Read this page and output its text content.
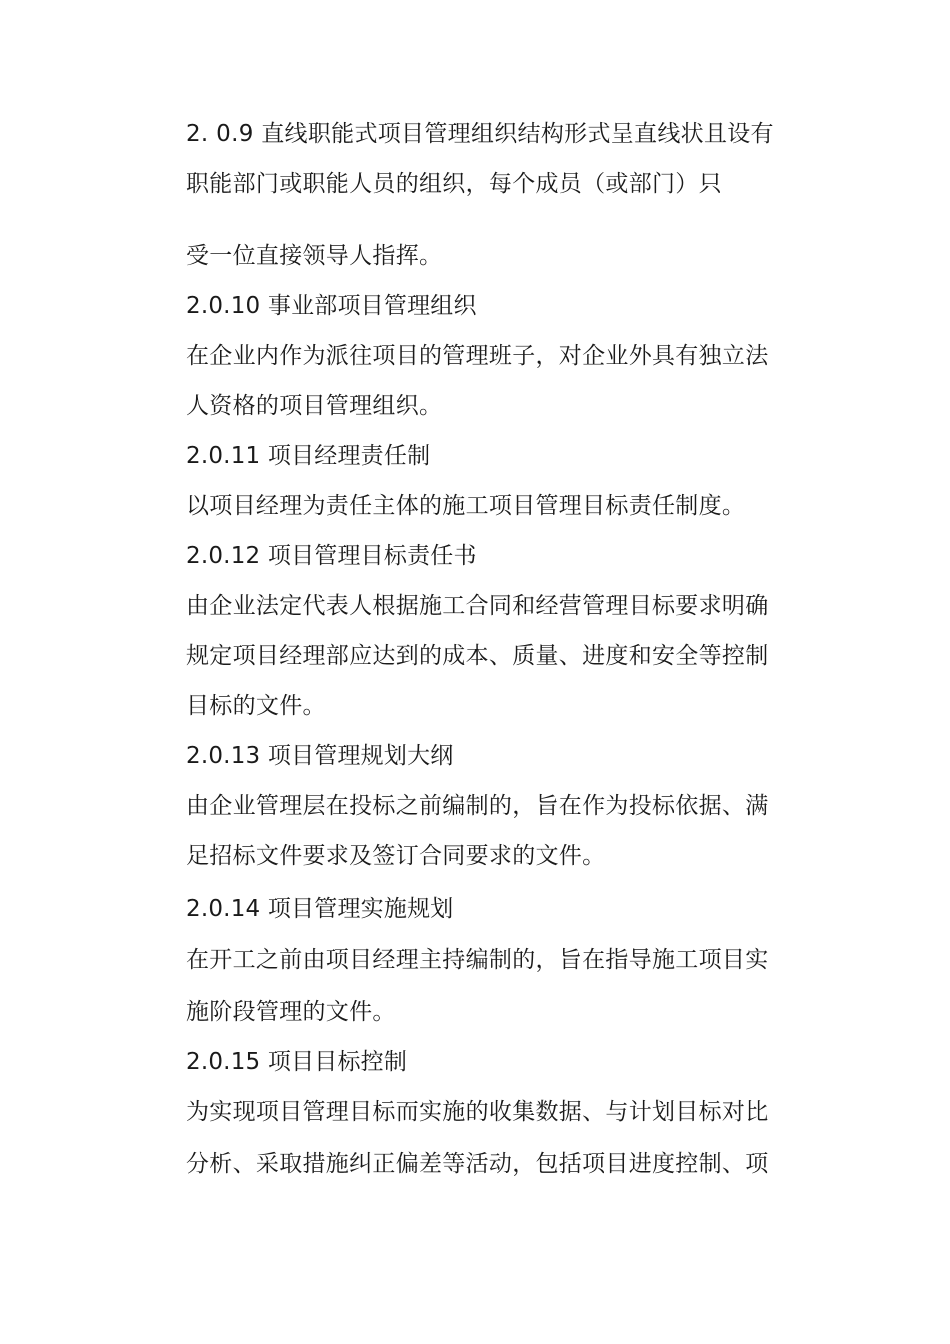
2. 0.9 直线职能式项目管理组织结构形式呈直线状且设有
职能部门或职能人员的组织，每个成员（或部门）只
受一位直接领导人指挥。
2.0.10 事业部项目管理组织
在企业内作为派往项目的管理班子，对企业外具有独立法
人资格的项目管理组织。
2.0.11 项目经理责任制
以项目经理为责任主体的施工项目管理目标责任制度。
2.0.12 项目管理目标责任书
由企业法定代表人根据施工合同和经营管理目标要求明确
规定项目经理部应达到的成本、质量、进度和安全等控制
目标的文件。
2.0.13 项目管理规划大纲
由企业管理层在投标之前编制的，旨在作为投标依据、满
足招标文件要求及签订合同要求的文件。
2.0.14 项目管理实施规划
在开工之前由项目经理主持编制的，旨在指导施工项目实
施阶段管理的文件。
2.0.15 项目目标控制
为实现项目管理目标而实施的收集数据、与计划目标对比
分析、采取措施纠正偏差等活动，包括项目进度控制、项
